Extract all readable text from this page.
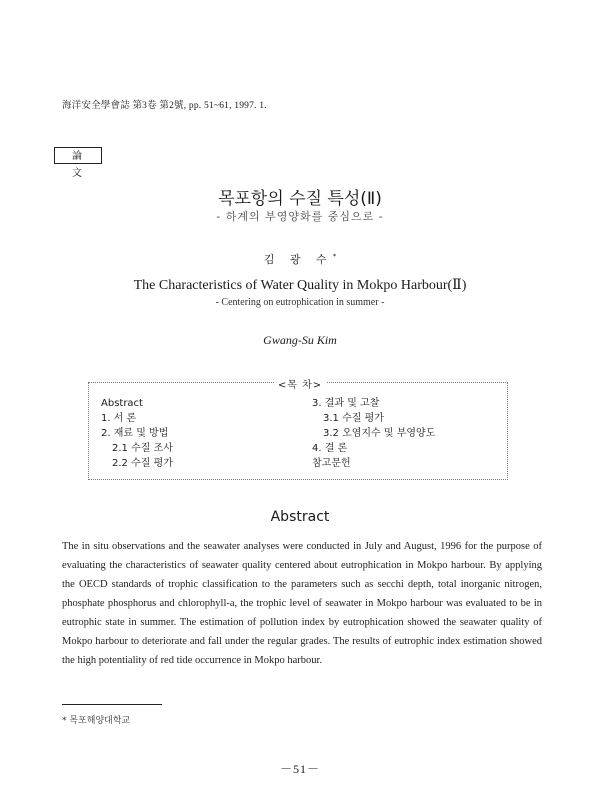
海洋安全學會誌 第3卷 第2號, pp. 51~61, 1997. 1.
論 文
목포항의 수질 특성(Ⅱ)
- 하계의 부영양화를 중심으로 -
김 광 수*
The Characteristics of Water Quality in Mokpo Harbour(Ⅱ)
- Centering on eutrophication in summer -
Gwang-Su Kim
<목 차>
Abstract
1. 서 론
2. 재료 및 방법
2.1 수질 조사
2.2 수질 평가
3. 결과 및 고찰
3.1 수질 평가
3.2 오염지수 및 부영양도
4. 결 론
참고문헌
Abstract

The in situ observations and the seawater analyses were conducted in July and August, 1996 for the purpose of evaluating the characteristics of seawater quality centered about eutrophication in Mokpo harbour. By applying the OECD standards of trophic classification to the parameters such as secchi depth, total inorganic nitrogen, phosphate phosphorus and chlorophyll-a, the trophic level of seawater in Mokpo harbour was evaluated to be in eutrophic state in summer. The estimation of pollution index by eutrophication showed the seawater quality of Mokpo harbour to deteriorate and fall under the regular grades. The results of eutrophic index estimation showed the high potentiality of red tide occurrence in Mokpo harbour.

* 목포해양대학교
－51－
